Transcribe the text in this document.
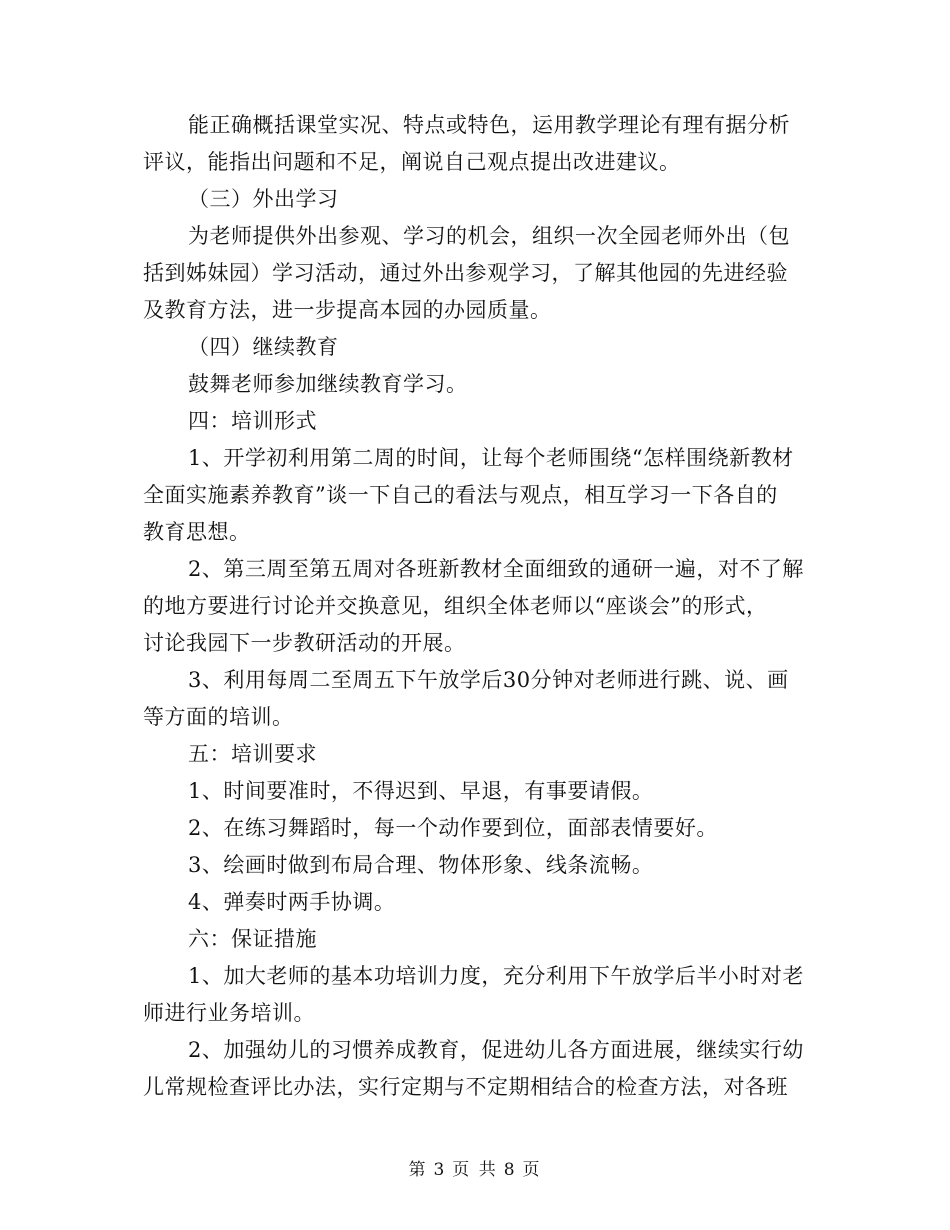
能正确概括课堂实况、特点或特色，运用教学理论有理有据分析
评议，能指出问题和不足，阐说自己观点提出改进建议。
（三）外出学习
为老师提供外出参观、学习的机会，组织一次全园老师外出（包
括到姊妹园）学习活动，通过外出参观学习，了解其他园的先进经验
及教育方法，进一步提高本园的办园质量。
（四）继续教育
鼓舞老师参加继续教育学习。
四：培训形式
1、开学初利用第二周的时间，让每个老师围绕“怎样围绕新教材
全面实施素养教育”谈一下自己的看法与观点，相互学习一下各自的
教育思想。
2、第三周至第五周对各班新教材全面细致的通研一遍，对不了解
的地方要进行讨论并交换意见，组织全体老师以“座谈会”的形式，
讨论我园下一步教研活动的开展。
3、利用每周二至周五下午放学后30分钟对老师进行跳、说、画
等方面的培训。
五：培训要求
1、时间要准时，不得迟到、早退，有事要请假。
2、在练习舞蹈时，每一个动作要到位，面部表情要好。
3、绘画时做到布局合理、物体形象、线条流畅。
4、弹奏时两手协调。
六：保证措施
1、加大老师的基本功培训力度，充分利用下午放学后半小时对老
师进行业务培训。
2、加强幼儿的习惯养成教育，促进幼儿各方面进展，继续实行幼
儿常规检查评比办法，实行定期与不定期相结合的检查方法，对各班
第 3 页 共 8 页
